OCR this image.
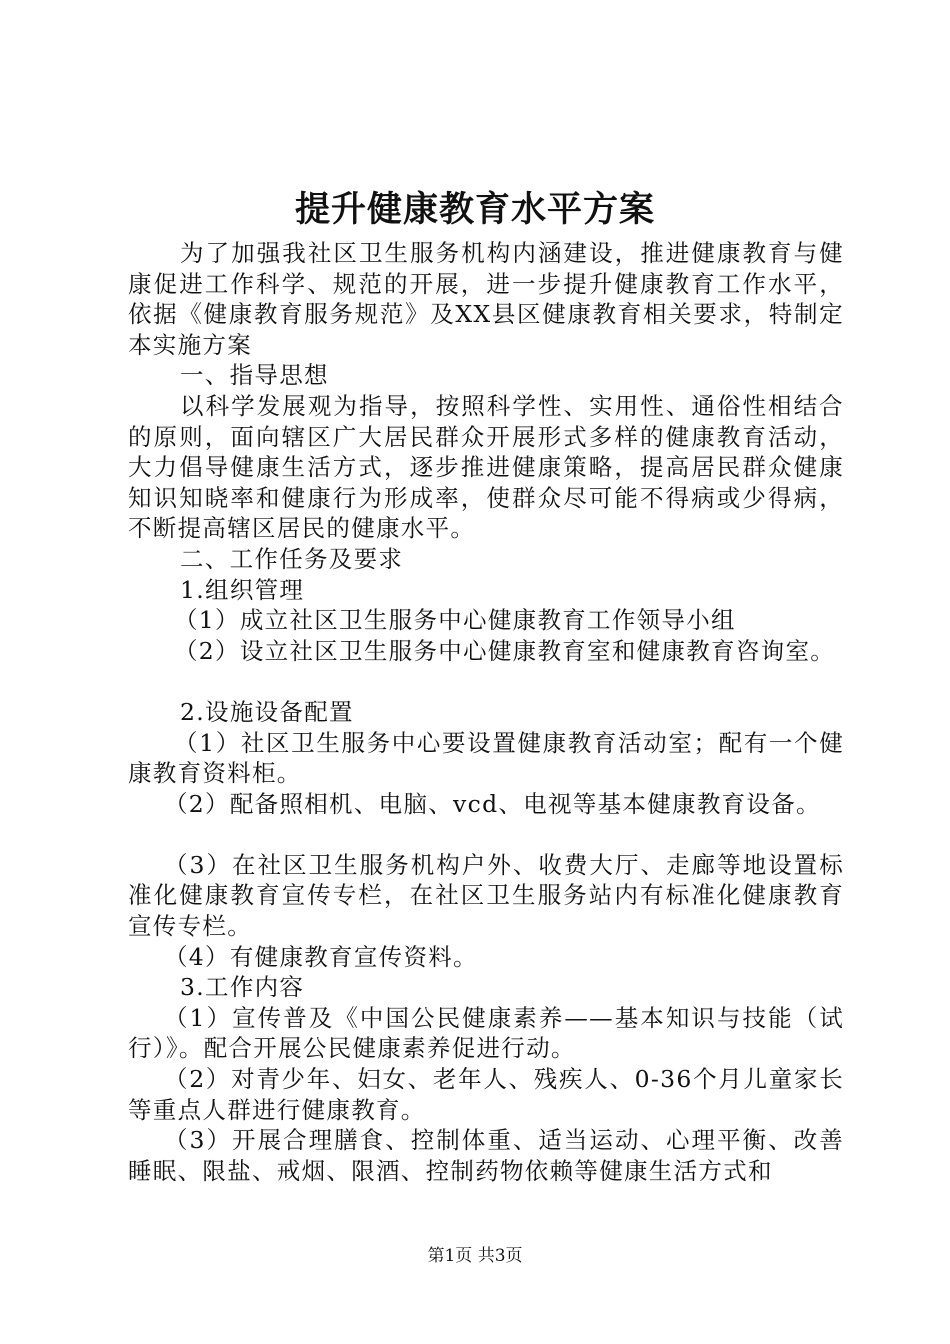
提升健康教育水平方案

为了加强我社区卫生服务机构内涵建设，推进健康教育与健康促进工作科学、规范的开展，进一步提升健康教育工作水平，依据《健康教育服务规范》及XX县区健康教育相关要求，特制定本实施方案

一、指导思想

以科学发展观为指导，按照科学性、实用性、通俗性相结合的原则，面向辖区广大居民群众开展形式多样的健康教育活动，大力倡导健康生活方式，逐步推进健康策略，提高居民群众健康知识知晓率和健康行为形成率，使群众尽可能不得病或少得病，不断提高辖区居民的健康水平。

二、工作任务及要求

1.组织管理

（1）成立社区卫生服务中心健康教育工作领导小组

（2）设立社区卫生服务中心健康教育室和健康教育咨询室。

2.设施设备配置

（1）社区卫生服务中心要设置健康教育活动室；配有一个健康教育资料柜。

（2）配备照相机、电脑、vcd、电视等基本健康教育设备。

（3）在社区卫生服务机构户外、收费大厅、走廊等地设置标准化健康教育宣传专栏，在社区卫生服务站内有标准化健康教育宣传专栏。

（4）有健康教育宣传资料。

3.工作内容

（1）宣传普及《中国公民健康素养——基本知识与技能（试行）》。配合开展公民健康素养促进行动。

（2）对青少年、妇女、老年人、残疾人、0-36个月儿童家长等重点人群进行健康教育。

（3）开展合理膳食、控制体重、适当运动、心理平衡、改善睡眠、限盐、戒烟、限酒、控制药物依赖等健康生活方式和

第1页 共3页
